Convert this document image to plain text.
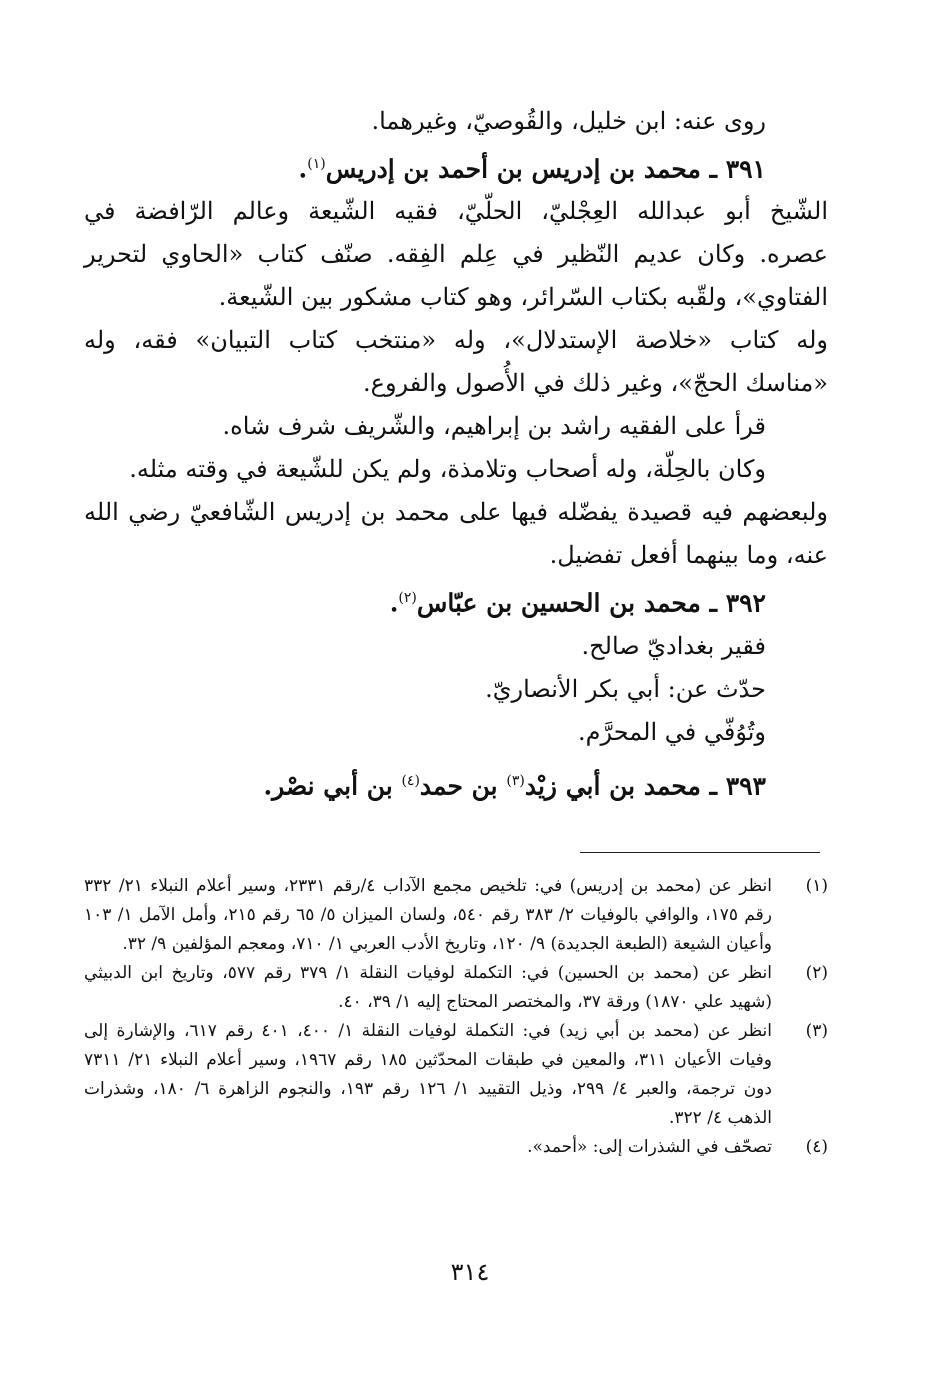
روى عنه: ابن خليل، والقُوصيّ، وغيرهما.
٣٩١ ـ محمد بن إدريس بن أحمد بن إدريس$^{(١)}$.
الشّيخ أبو عبدالله العِجْليّ، الحلّيّ، فقيه الشّيعة وعالم الرّافضة في
عصره. وكان عديم النّظير في عِلم الفِقه. صنّف كتاب «الحاوي لتحرير
الفتاوي»، ولقّبه بكتاب السّرائر، وهو كتاب مشكور بين الشّيعة.
وله كتاب «خلاصة الإستدلال»، وله «منتخب كتاب التبيان» فقه، وله
«مناسك الحجّ»، وغير ذلك في الأُصول والفروع.
قرأ على الفقيه راشد بن إبراهيم، والشّريف شرف شاه.
وكان بالحِلّة، وله أصحاب وتلامذة، ولم يكن للشّيعة في وقته مثله.
ولبعضهم فيه قصيدة يفضّله فيها على محمد بن إدريس الشّافعيّ رضي الله
عنه، وما بينهما أفعل تفضيل.
٣٩٢ ـ محمد بن الحسين بن عبّاس$^{(٢)}$.
فقير بغداديّ صالح.
حدّث عن: أبي بكر الأنصاريّ.
وتُوُفّي في المحرَّم.
٣٩٣ ـ محمد بن أبي زيْد$^{(٣)}$ بن حمد$^{(٤)}$ بن أبي نصْر.
(١)
انظر عن (محمد بن إدريس) في: تلخيص مجمع الآداب ٤/رقم ٢٣٣١، وسير أعلام النبلاء ٢١/ ٣٣٢ رقم ١٧٥، والوافي بالوفيات ٢/ ٣٨٣ رقم ٥٤٠، ولسان الميزان ٥/ ٦٥ رقم ٢١٥، وأمل الآمل ١/ ١٠٣ وأعيان الشيعة (الطبعة الجديدة) ٩/ ١٢٠، وتاريخ الأدب العربي ١/ ٧١٠، ومعجم المؤلفين ٩/ ٣٢.
(٢)
انظر عن (محمد بن الحسين) في: التكملة لوفيات النقلة ١/ ٣٧٩ رقم ٥٧٧، وتاريخ ابن الدبيثي (شهيد علي ١٨٧٠) ورقة ٣٧، والمختصر المحتاج إليه ١/ ٣٩، ٤٠.
(٣)
انظر عن (محمد بن أبي زيد) في: التكملة لوفيات النقلة ١/ ٤٠٠، ٤٠١ رقم ٦١٧، والإشارة إلى وفيات الأعيان ٣١١، والمعين في طبقات المحدّثين ١٨٥ رقم ١٩٦٧، وسير أعلام النبلاء ٢١/ ٧٣١١ دون ترجمة، والعبر ٤/ ٢٩٩، وذيل التقييد ١/ ١٢٦ رقم ١٩٣، والنجوم الزاهرة ٦/ ١٨٠، وشذرات الذهب ٤/ ٣٢٢.
(٤)
تصحّف في الشذرات إلى: «أحمد».
٣١٤
